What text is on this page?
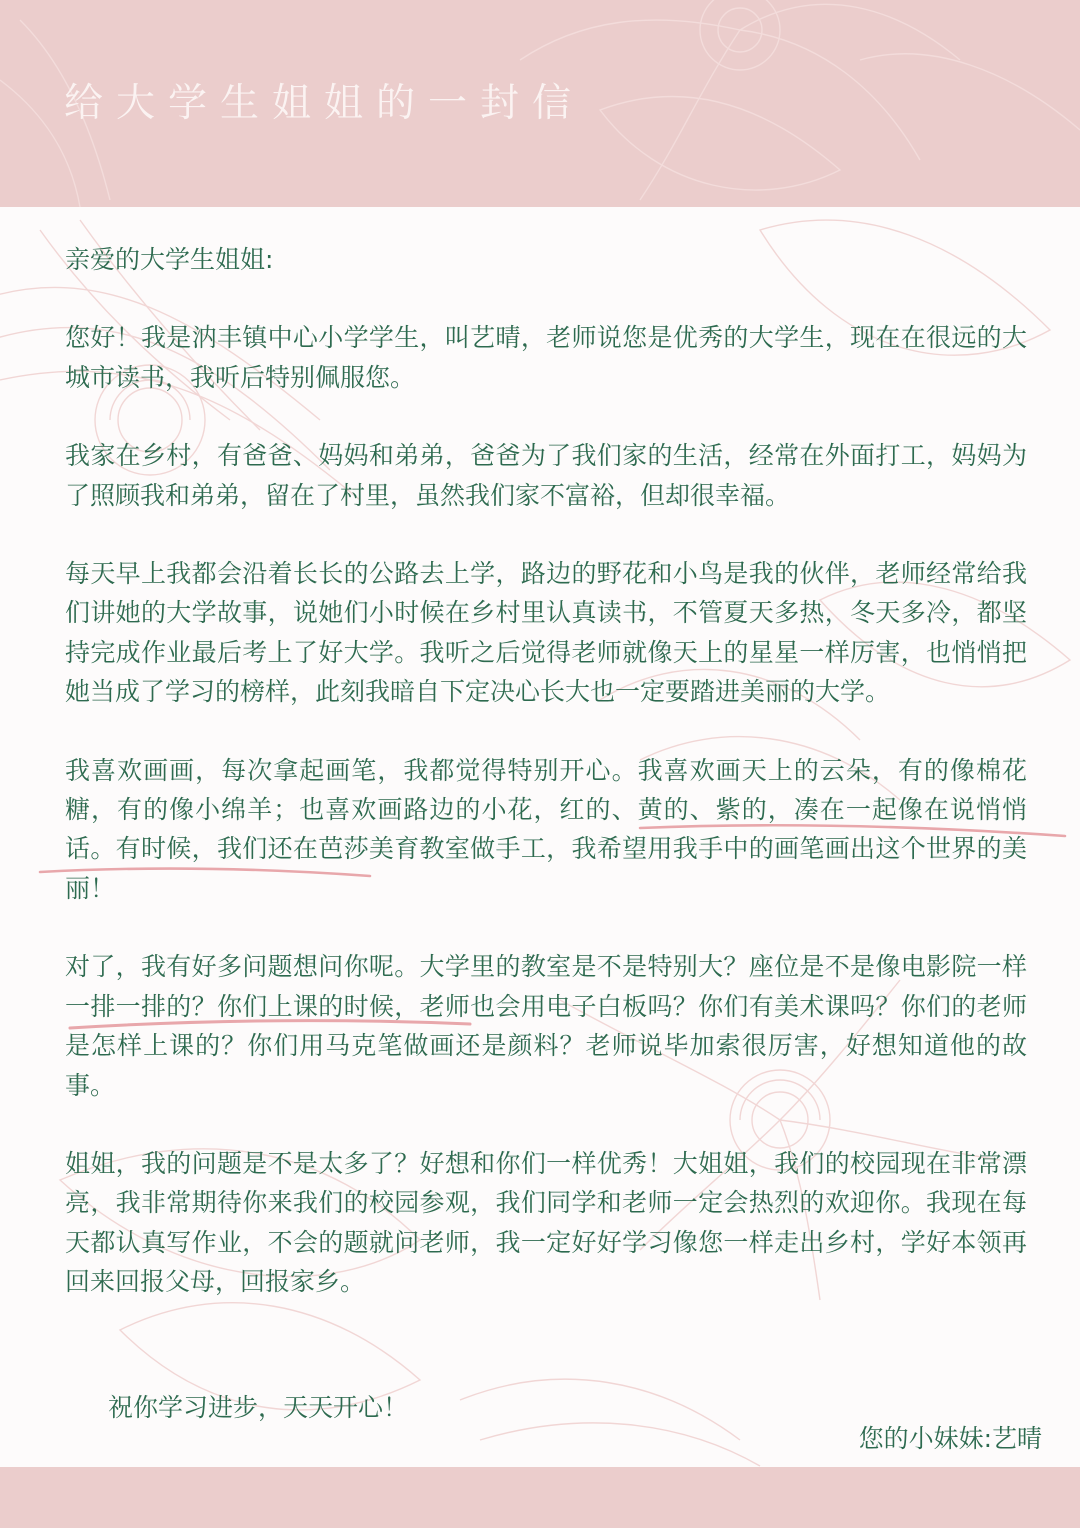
给大学生姐姐的一封信

亲爱的大学生姐姐:

您好！我是汭丰镇中心小学学生，叫艺晴，老师说您是优秀的大学生，现在在很远的大城市读书，我听后特别佩服您。

我家在乡村，有爸爸、妈妈和弟弟，爸爸为了我们家的生活，经常在外面打工，妈妈为了照顾我和弟弟，留在了村里，虽然我们家不富裕，但却很幸福。

每天早上我都会沿着长长的公路去上学，路边的野花和小鸟是我的伙伴，老师经常给我们讲她的大学故事，说她们小时候在乡村里认真读书，不管夏天多热，冬天多冷，都坚持完成作业最后考上了好大学。我听之后觉得老师就像天上的星星一样厉害，也悄悄把她当成了学习的榜样，此刻我暗自下定决心长大也一定要踏进美丽的大学。

我喜欢画画，每次拿起画笔，我都觉得特别开心。我喜欢画天上的云朵，有的像棉花糖，有的像小绵羊；也喜欢画路边的小花，红的、黄的、紫的，凑在一起像在说悄悄话。有时候，我们还在芭莎美育教室做手工，我希望用我手中的画笔画出这个世界的美丽！

对了，我有好多问题想问你呢。大学里的教室是不是特别大？座位是不是像电影院一样一排一排的？你们上课的时候，老师也会用电子白板吗？你们有美术课吗？你们的老师是怎样上课的？你们用马克笔做画还是颜料？老师说毕加索很厉害，好想知道他的故事。

姐姐，我的问题是不是太多了？好想和你们一样优秀！大姐姐，我们的校园现在非常漂亮，我非常期待你来我们的校园参观，我们同学和老师一定会热烈的欢迎你。我现在每天都认真写作业，不会的题就问老师，我一定好好学习像您一样走出乡村，学好本领再回来回报父母，回报家乡。

祝你学习进步，天天开心！
您的小妹妹:艺晴
